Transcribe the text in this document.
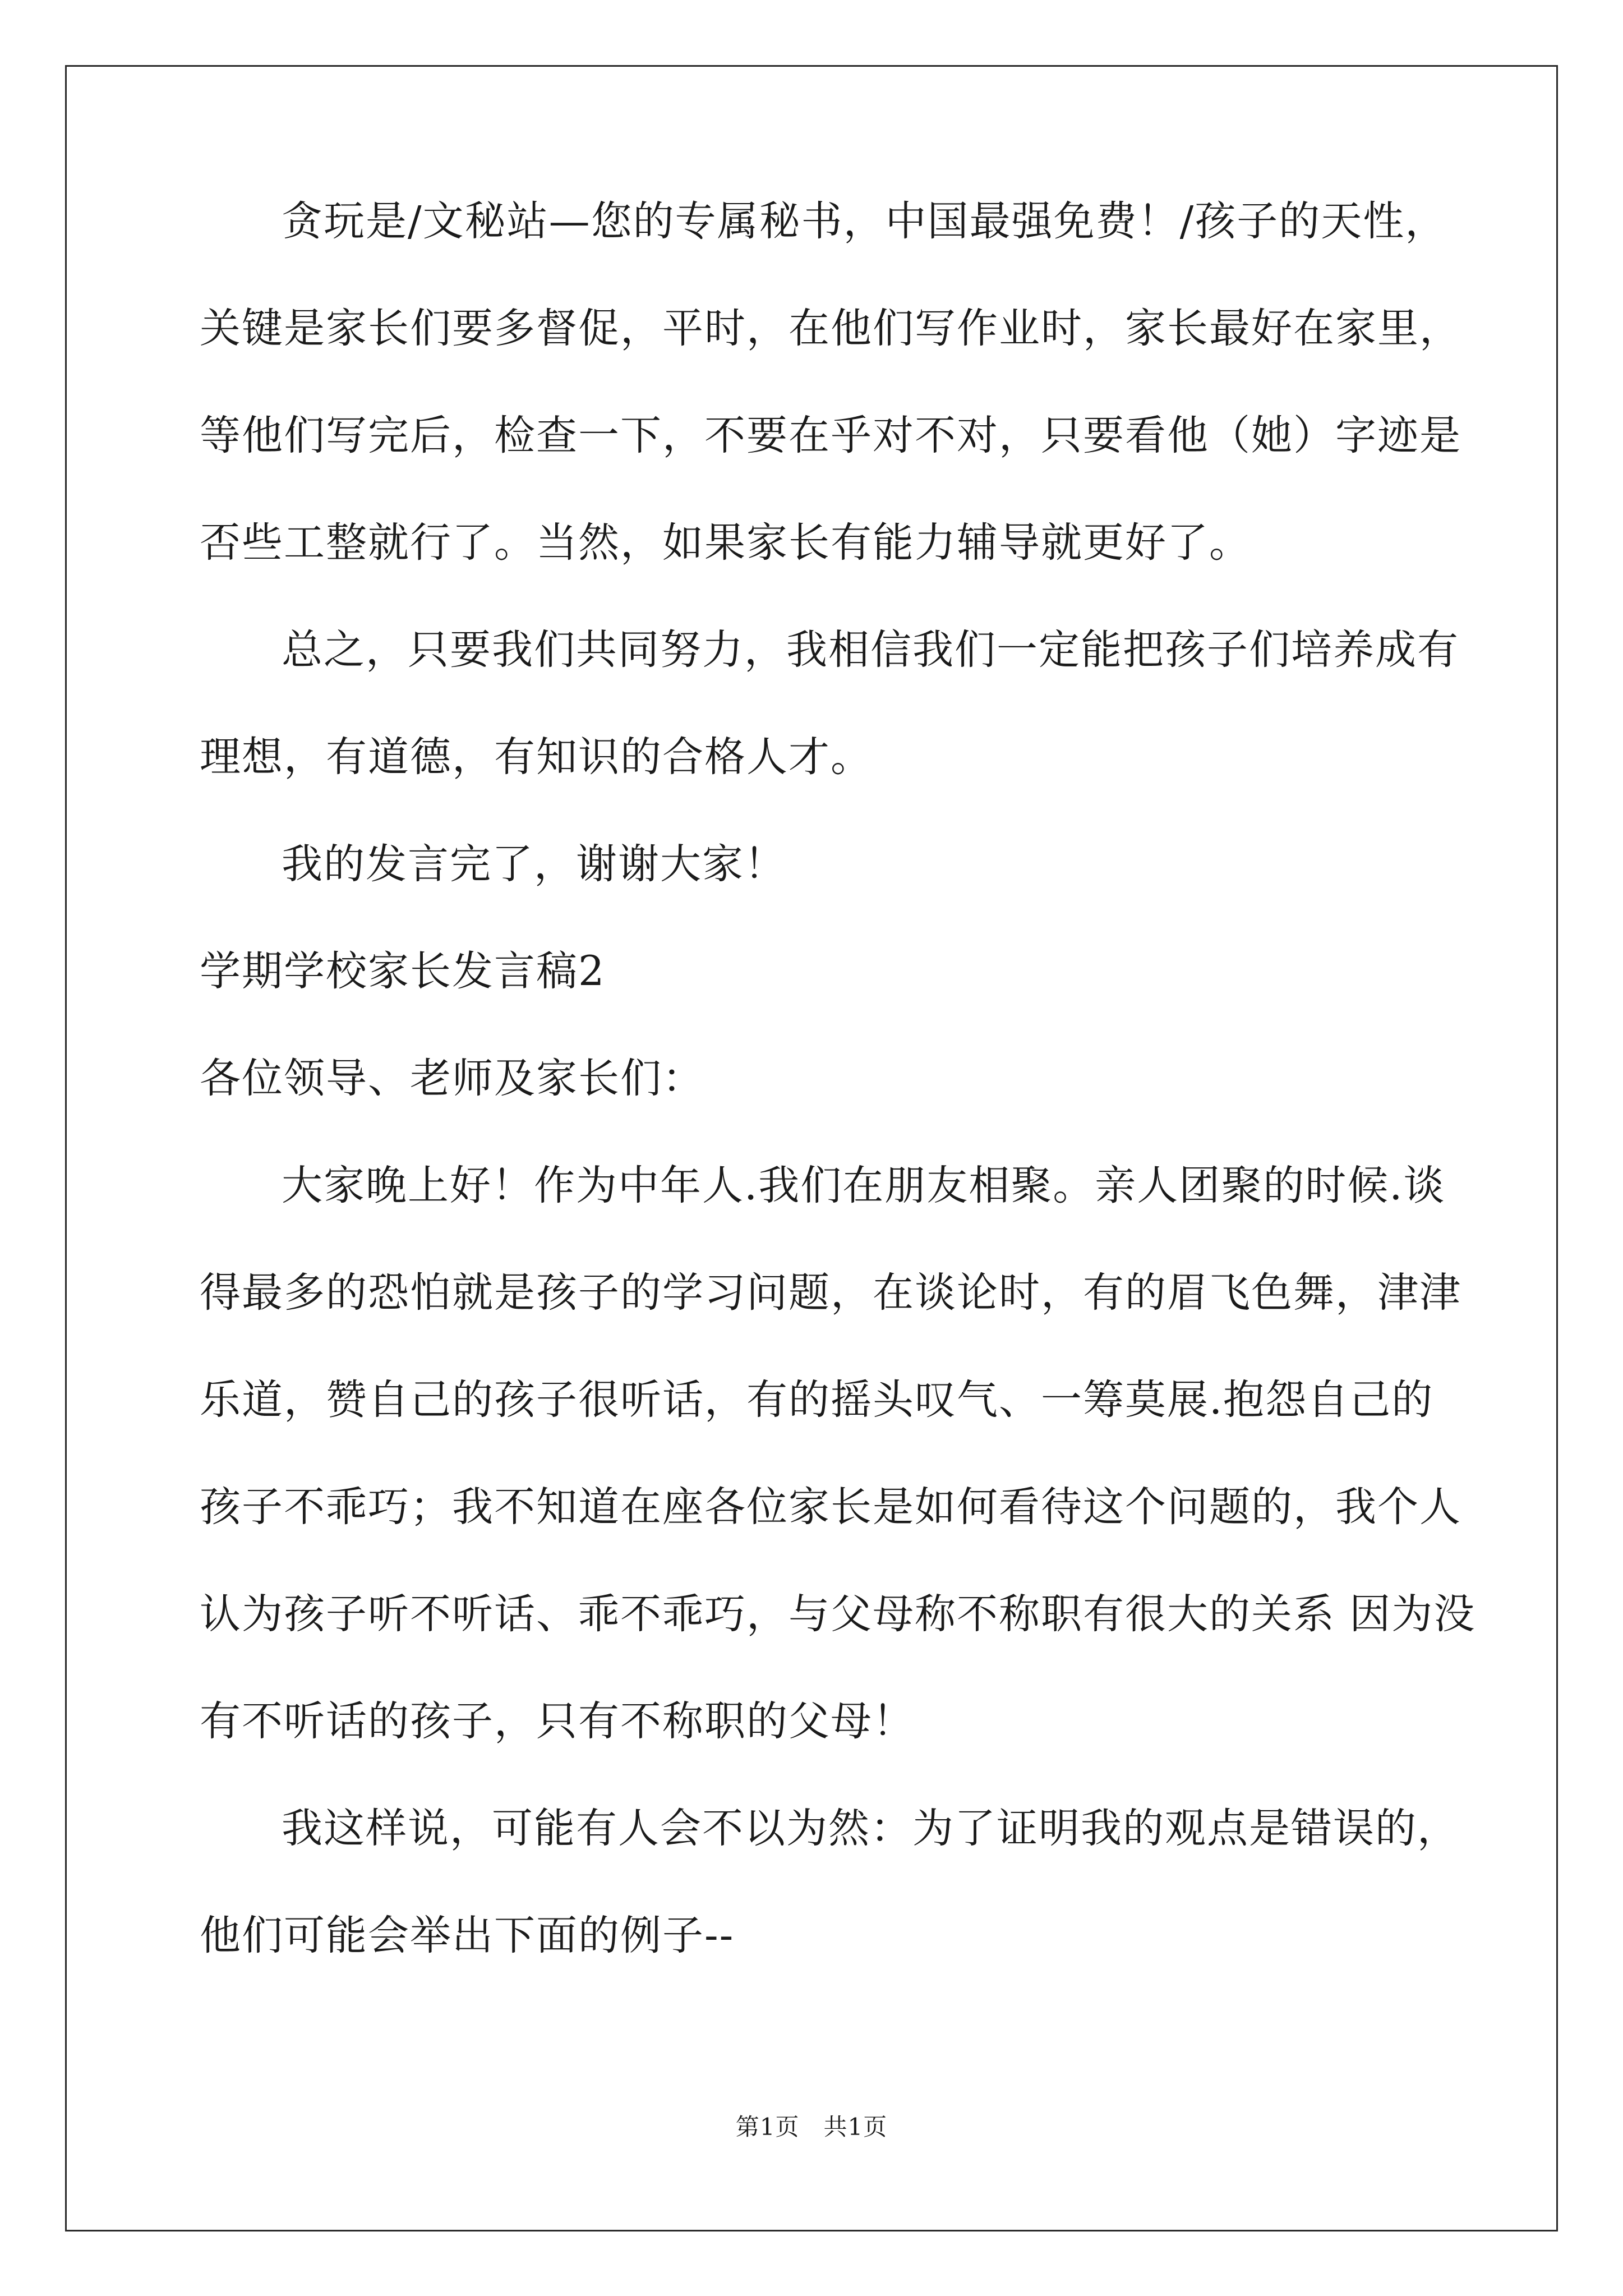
贪玩是/文秘站—您的专属秘书，中国最强免费！/孩子的天性，
关键是家长们要多督促，平时，在他们写作业时，家长最好在家里，
等他们写完后，检查一下，不要在乎对不对，只要看他（她）字迹是
否些工整就行了。当然，如果家长有能力辅导就更好了。
总之，只要我们共同努力，我相信我们一定能把孩子们培养成有
理想，有道德，有知识的合格人才。
我的发言完了，谢谢大家！
学期学校家长发言稿2
各位领导、老师及家长们：
大家晚上好！作为中年人.我们在朋友相聚。亲人团聚的时候.谈
得最多的恐怕就是孩子的学习问题，在谈论时，有的眉飞色舞，津津
乐道，赞自己的孩子很听话，有的摇头叹气、一筹莫展.抱怨自己的
孩子不乖巧；我不知道在座各位家长是如何看待这个问题的，我个人
认为孩子听不听话、乖不乖巧，与父母称不称职有很大的关系 因为没
有不听话的孩子，只有不称职的父母！
我这样说，可能有人会不以为然：为了证明我的观点是错误的，
他们可能会举出下面的例子--
第1页　共1页
